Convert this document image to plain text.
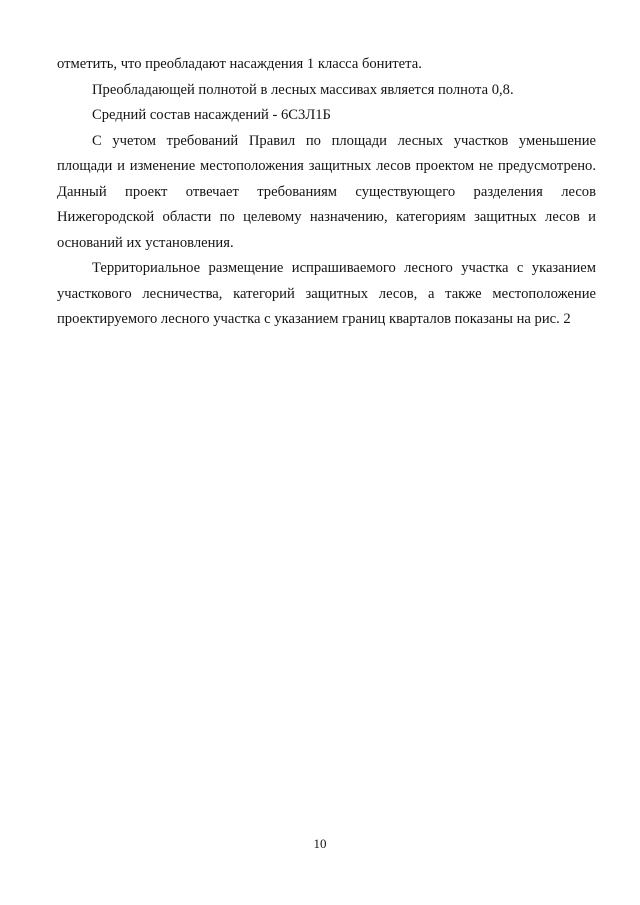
отметить, что преобладают насаждения 1 класса бонитета.

Преобладающей полнотой в лесных массивах является полнота 0,8.

Средний состав насаждений - 6С3Л1Б

С учетом требований Правил по площади лесных участков уменьшение площади и изменение местоположения защитных лесов проектом не предусмотрено. Данный проект отвечает требованиям существующего разделения лесов Нижегородской области по целевому назначению, категориям защитных лесов и оснований их установления.

Территориальное размещение испрашиваемого лесного участка с указанием участкового лесничества, категорий защитных лесов, а также местоположение проектируемого лесного участка с указанием границ кварталов показаны на рис. 2

10
